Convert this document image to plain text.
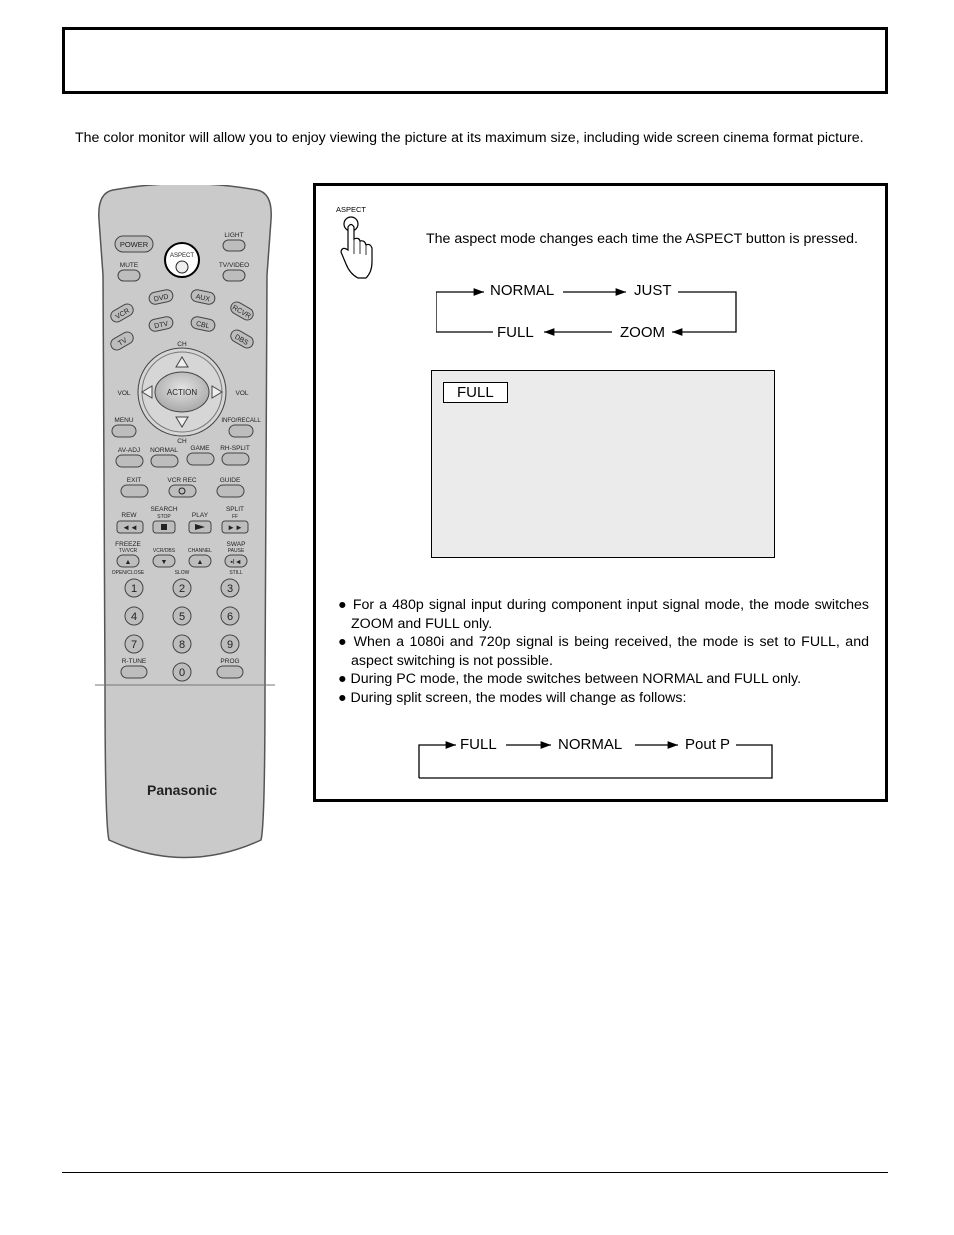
The color monitor will allow you to enjoy viewing the picture at its maximum size, including wide screen cinema format picture.

POWER
LIGHT
MUTE
ASPECT
TV/VIDEO
VCR
DVD	AUX
RCVR
TV
DTV	CBL
DBS
CH
ACTION
VOL	VOL
CH
MENU	INFO/RECALL
AV-ADJ NORMAL GAME RH-SPLIT
EXIT	VCR REC	GUIDE
REW
◄◄
SEARCH
STOP	PLAY
SPLIT
FF
►►
FREEZE
TV/VCR
▲
OPEN/CLOSE
VCR/DBS
▼
SLOW
CHANNEL
▲
SWAP
PAUSE
▪I◄
STILL
1	2	3
4	5	6
7	8	9
0
R-TUNE	PROG
Panasonic
ASPECT
The aspect mode changes each time the ASPECT button is pressed.
NORMAL	JUST
ZOOM
FULL
FULL

● For a 480p signal input during component input signal mode, the mode switches ZOOM and FULL only.

● When a 1080i and 720p signal is being received, the mode is set to FULL, and aspect switching is not possible.

● During PC mode, the mode switches between NORMAL and FULL only.

● During split screen, the modes will change as follows:

FULL	NORMAL	Pout P
